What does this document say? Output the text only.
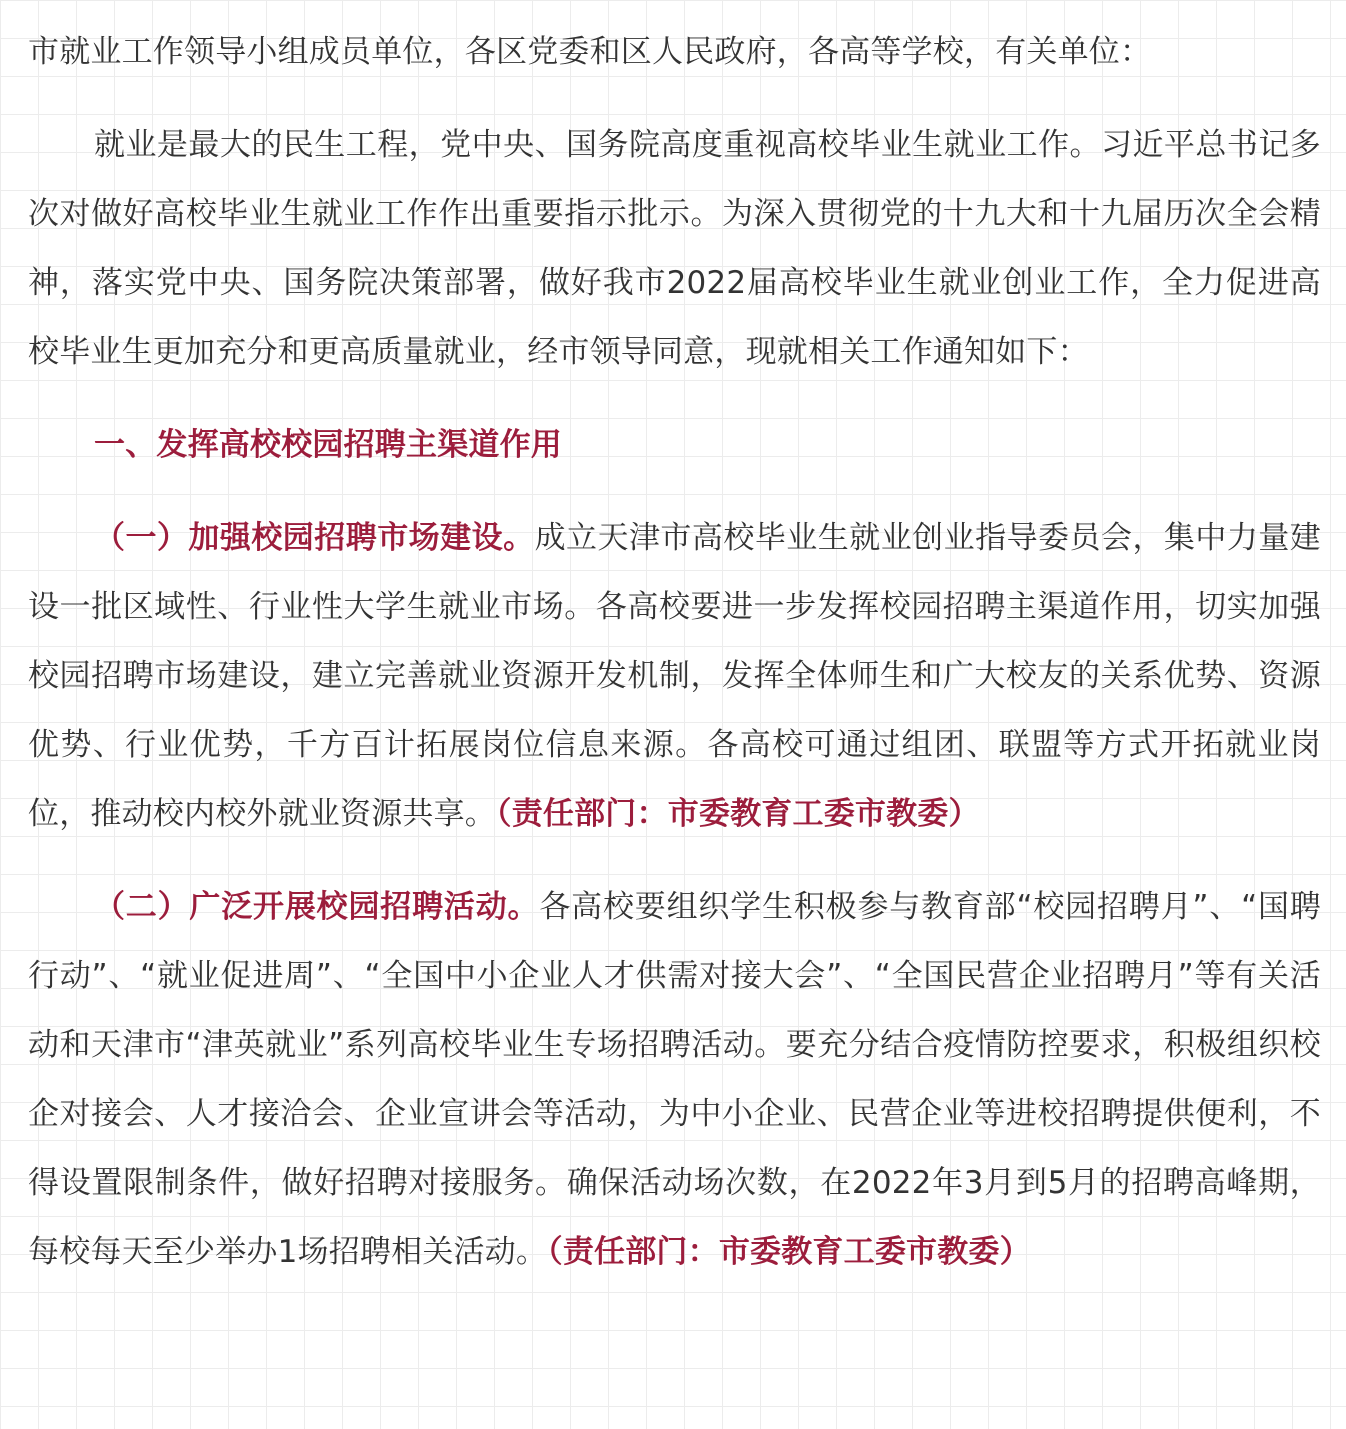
市就业工作领导小组成员单位，各区党委和区人民政府，各高等学校，有关单位：

就业是最大的民生工程，党中央、国务院高度重视高校毕业生就业工作。习近平总书记多次对做好高校毕业生就业工作作出重要指示批示。为深入贯彻党的十九大和十九届历次全会精神，落实党中央、国务院决策部署，做好我市2022届高校毕业生就业创业工作，全力促进高校毕业生更加充分和更高质量就业，经市领导同意，现就相关工作通知如下：

一、发挥高校校园招聘主渠道作用

（一）加强校园招聘市场建设。成立天津市高校毕业生就业创业指导委员会，集中力量建设一批区域性、行业性大学生就业市场。各高校要进一步发挥校园招聘主渠道作用，切实加强校园招聘市场建设，建立完善就业资源开发机制，发挥全体师生和广大校友的关系优势、资源优势、行业优势，千方百计拓展岗位信息来源。各高校可通过组团、联盟等方式开拓就业岗位，推动校内校外就业资源共享。（责任部门：市委教育工委市教委）

（二）广泛开展校园招聘活动。各高校要组织学生积极参与教育部“校园招聘月”、“国聘行动”、“就业促进周”、“全国中小企业人才供需对接大会”、“全国民营企业招聘月”等有关活动和天津市“津英就业”系列高校毕业生专场招聘活动。要充分结合疫情防控要求，积极组织校企对接会、人才接洽会、企业宣讲会等活动，为中小企业、民营企业等进校招聘提供便利，不得设置限制条件，做好招聘对接服务。确保活动场次数，在2022年3月到5月的招聘高峰期，每校每天至少举办1场招聘相关活动。（责任部门：市委教育工委市教委）
